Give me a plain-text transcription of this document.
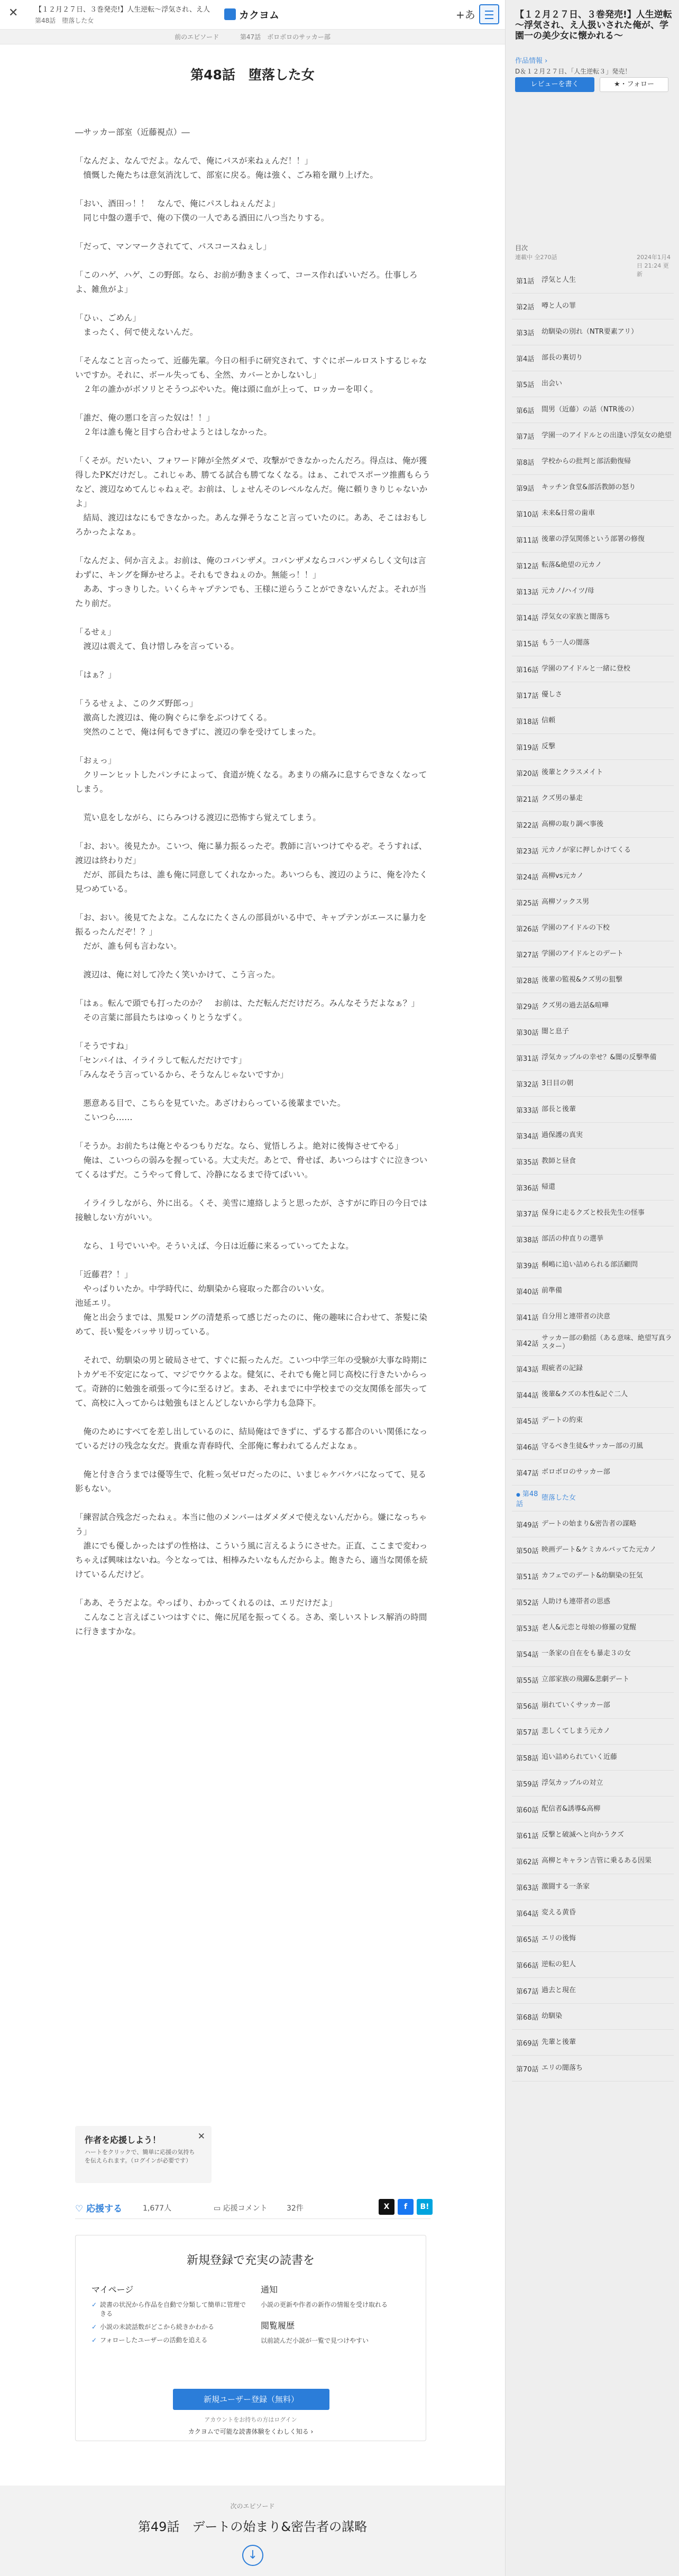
✕ 【１２月２７日、３巻発売!】人生逆転～浮気され、え人
第48話　堕落した女	カクヨム	+あ
前のエピソード	第47話　ボロボロのサッカー部
第48話　堕落した女

―サッカー部室（近藤視点）―

「なんだよ、なんでだよ。なんで、俺にパスが来ねぇんだ！！」

　憤慨した俺たちは意気消沈して、部室に戻る。俺は強く、ごみ箱を蹴り上げた。

「おい、酒田っ！！　なんで、俺にパスしねぇんだよ」

　同じ中盤の選手で、俺の下僕の一人である酒田に八つ当たりする。

「だって、マンマークされてて、パスコースねぇし」

「このハゲ、ハゲ、この野郎。なら、お前が動きまくって、コース作ればいいだろ。仕事しろよ、雑魚がよ」

「ひぃ、ごめん」

　まったく、何で使えないんだ。

「そんなこと言ったって、近藤先輩。今日の相手に研究されて、すぐにボールロストするじゃないですか。それに、ボール失っても、全然、カバーとかしないし」

　２年の誰かがボソリとそうつぶやいた。俺は頭に血が上って、ロッカーを叩く。

「誰だ、俺の悪口を言った奴は！！」

　２年は誰も俺と目すら合わせようとはしなかった。

「くそが。だいたい、フォワード陣が全然ダメで、攻撃ができなかったんだろ。得点は、俺が獲得したPKだけだし。これじゃあ、勝てる試合も勝てなくなる。はぁ、これでスポーツ推薦もらうなど、渡辺なめてんじゃねぇぞ。お前は、しょせんそのレベルなんだ。俺に頼りきりじゃないかよ」

　結局、渡辺はなにもできなかった。あんな弾そうなこと言っていたのに。ああ、そこはおもしろかったよなぁ。

「なんだよ、何か言えよ。お前は、俺のコバンザメ。コバンザメならコバンザメらしく文句は言わずに、キングを輝かせろよ。それもできねぇのか。無能っ！！」

　ああ、すっきりした。いくらキャプテンでも、王様に逆らうことができないんだよ。それが当たり前だ。

「るせぇ」

　渡辺は震えて、負け惜しみを言っている。

「はぁ？」

「うるせぇよ、このクズ野郎っ」

　激高した渡辺は、俺の胸ぐらに拳をぶつけてくる。

　突然のことで、俺は何もできずに、渡辺の拳を受けてしまった。

「おぇっ」

　クリーンヒットしたパンチによって、食道が焼くなる。あまりの痛みに息すらできなくなってしまう。

　荒い息をしながら、にらみつける渡辺に恐怖すら覚えてしまう。

「お、おい。後見たか。こいつ、俺に暴力振るったぞ。教師に言いつけてやるぞ。そうすれば、渡辺は終わりだ」

　だが、部員たちは、誰も俺に同意してくれなかった。あいつらも、渡辺のように、俺を冷たく見つめている。

「お、おい。後見てたよな。こんなにたくさんの部員がいる中で、キャプテンがエースに暴力を振るったんだぞ！？」

　だが、誰も何も言わない。

　渡辺は、俺に対して冷たく笑いかけて、こう言った。

「はぁ。転んで頭でも打ったのか？　お前は、ただ転んだだけだろ。みんなそうだよなぁ？」

　その言葉に部員たちはゆっくりとうなずく。

「そうですね」

「センパイは、イライラして転んだだけです」

「みんなそう言っているから、そうなんじゃないですか」

　悪意ある目で、こちらを見ていた。あざけわらっている後輩までいた。

　こいつら……

「そうか。お前たちは俺とやるつもりだな。なら、覚悟しろよ。絶対に後悔させてやる」

　俺は、こいつらの弱みを握っている。大丈夫だ。あとで、脅せば、あいつらはすぐに泣きついてくるはずだ。こうやって脅して、冷静になるまで待てばいい。

　イライラしながら、外に出る。くそ、美雪に連絡しようと思ったが、さすがに昨日の今日では接触しない方がいい。

　なら、１号でいいや。そういえば、今日は近藤に来るっていってたよな。

「近藤君？！」

　やっぱりいたか。中学時代に、幼馴染から寝取った都合のいい女。

池延エリ。

　俺と出会うまでは、黒髪ロングの清楚系って感じだったのに、俺の趣味に合わせて、茶髪に染めて、長い髪をバッサリ切っている。

　それで、幼馴染の男と破局させて、すぐに振ったんだ。こいつ中学三年の受験が大事な時期にトカゲモ不安定になって、マジでウケるよな。健気に、それでも俺と同じ高校に行きたいからって。奇跡的に勉強を頑張って今に至るけど。まあ、それまでに中学校までの交友関係を部失ってて、高校に入ってからは勉強もほとんどしないから学力も急降下。

　俺のためにすべてを差し出しているのに、結局俺はできずに、ずるする都合のいい関係になっているだけの残念な女だ。貴重な青春時代、全部俺に奪われてるんだよなぁ。

　俺と付き合うまでは優等生で、化粧っ気ゼロだったのに、いまじゃケバケバになってて、見る影もない。

「練習試合残念だったねぇ。本当に他のメンバーはダメダメで使えないんだから。嫌になっちゃう」

　誰にでも優しかったはずの性格は、こういう風に言えるようにさせた。正直、ここまで変わっちゃえば興味はないね。今となっては、相棒みたいなもんだからよ。飽きたら、適当な関係を続けているんだけど。

「ああ、そうだよな。やっぱり、わかってくれるのは、エリだけだよ」

　こんなこと言えばこいつはすぐに、俺に尻尾を振ってくる。さあ、楽しいストレス解消の時間に行きますかな。

作者を応援しよう！
ハートをクリックで、簡単に応援の気持ちを伝えられます。（ログインが必要です）
✕
♡ 応援する	1,677人	▭ 応援コメント	32件	X	f	B!
新規登録で充実の読書を
マイページ
✓ 読書の状況から作品を自動で分類して簡単に管理できる
✓ 小説の未読話数がどこから続きかわかる
✓ フォローしたユーザーの活動を追える
通知
小説の更新や作者の新作の情報を受け取れる
閲覧履歴
以前読んだ小説が一覧で見つけやすい
新規ユーザー登録（無料）
アカウントをお持ちの方はログイン
カクヨムで可能な読書体験をくわしく知る ›
次のエピソード
第49話　デートの始まり&密告者の謀略
↓
【１２月２７日、３巻発売!】人生逆転～浮気され、え人扱いされた俺が、学園一の美少女に懐かれる～
作品情報 ›
D＆１２月２７日、「人生逆転３」発売！
レビューを書く	★・フォロー
目次
連載中 全270話	2024年1月4日 21:24 更新
第1話	浮気と人生
第2話	噂と人の罪
第3話	幼馴染の別れ（NTR要素アリ）
第4話	部長の裏切り
第5話	出会い
第6話	間男（近藤）の話（NTR後の）
第7話	学園一のアイドルとの出逢い浮気女の絶望
第8話	学校からの批判と部活動復帰
第9話	キッチン食堂&部活教師の怒り
第10話 未来&日常の歯車
第11話 後輩の浮気関係という部署の修復
第12話 転落&絶望の元カノ
第13話 元カノ/ハイツ/母
第14話 浮気女の家族と闇落ち
第15話 もう一人の闇落
第16話 学園のアイドルと一緒に登校
第17話 優しさ
第18話 信頼
第19話 反撃
第20話 後輩とクラスメイト
第21話 クズ男の暴走
第22話 高柳の取り調べ事後
第23話 元カノが家に押しかけてくる
第24話 高柳vs元カノ
第25話 高柳ソックス男
第26話 学園のアイドルの下校
第27話 学園のアイドルとのデート
第28話 後輩の監視&クズ男の狙撃
第29話 クズ男の過去話&喧嘩
第30話 闇と息子
第31話 浮気カップルの幸せ？&闇の反撃準備
第32話 3日目の朝
第33話 部長と後輩
第34話 過保護の真実
第35話 教師と昼食
第36話 帰還
第37話 保身に走るクズと校長先生の怪事
第38話 部活の仲直りの選挙
第39話 桐嶋に追い詰められる部活顧問
第40話 前準備
第41話 自分用と連帯者の決意
第42話
サッカー部の動揺（ある意味、絶望写真ラスター）
第43話 瑕疵者の記録
第44話 後輩&クズの本性&記ぐ二人
第45話 デートの約束
第46話 守るべき生徒&サッカー部の刃風
第47話 ボロボロのサッカー部
● 第48話
堕落した女
第49話 デートの始まり&密告者の謀略
第50話 映画デート&ケミカルバッてた元カノ
第51話 カフェでのデート&幼馴染の狂気
第52話 人助けも連帯者の思惑
第53話 老人&元恋と母娘の修羅の覚醒
第54話 一条家の自在をも暴走３の女
第55話 立部家族の飛躍&悲劇デート
第56話 崩れていくサッカー部
第57話 悲しくてしまう元カノ
第58話 追い詰められていく近藤
第59話 浮気カップルの対立
第60話 配信者&誘導&高柳
第61話 反撃と破滅へと向かうクズ
第62話 高柳とキャラン吉管に乗るある因果
第63話 激闘する一条家
第64話 変える黄昏
第65話 エリの後悔
第66話 逆転の犯人
第67話 過去と現在
第68話 幼馴染
第69話 先輩と後輩
第70話 エリの闇落ち
